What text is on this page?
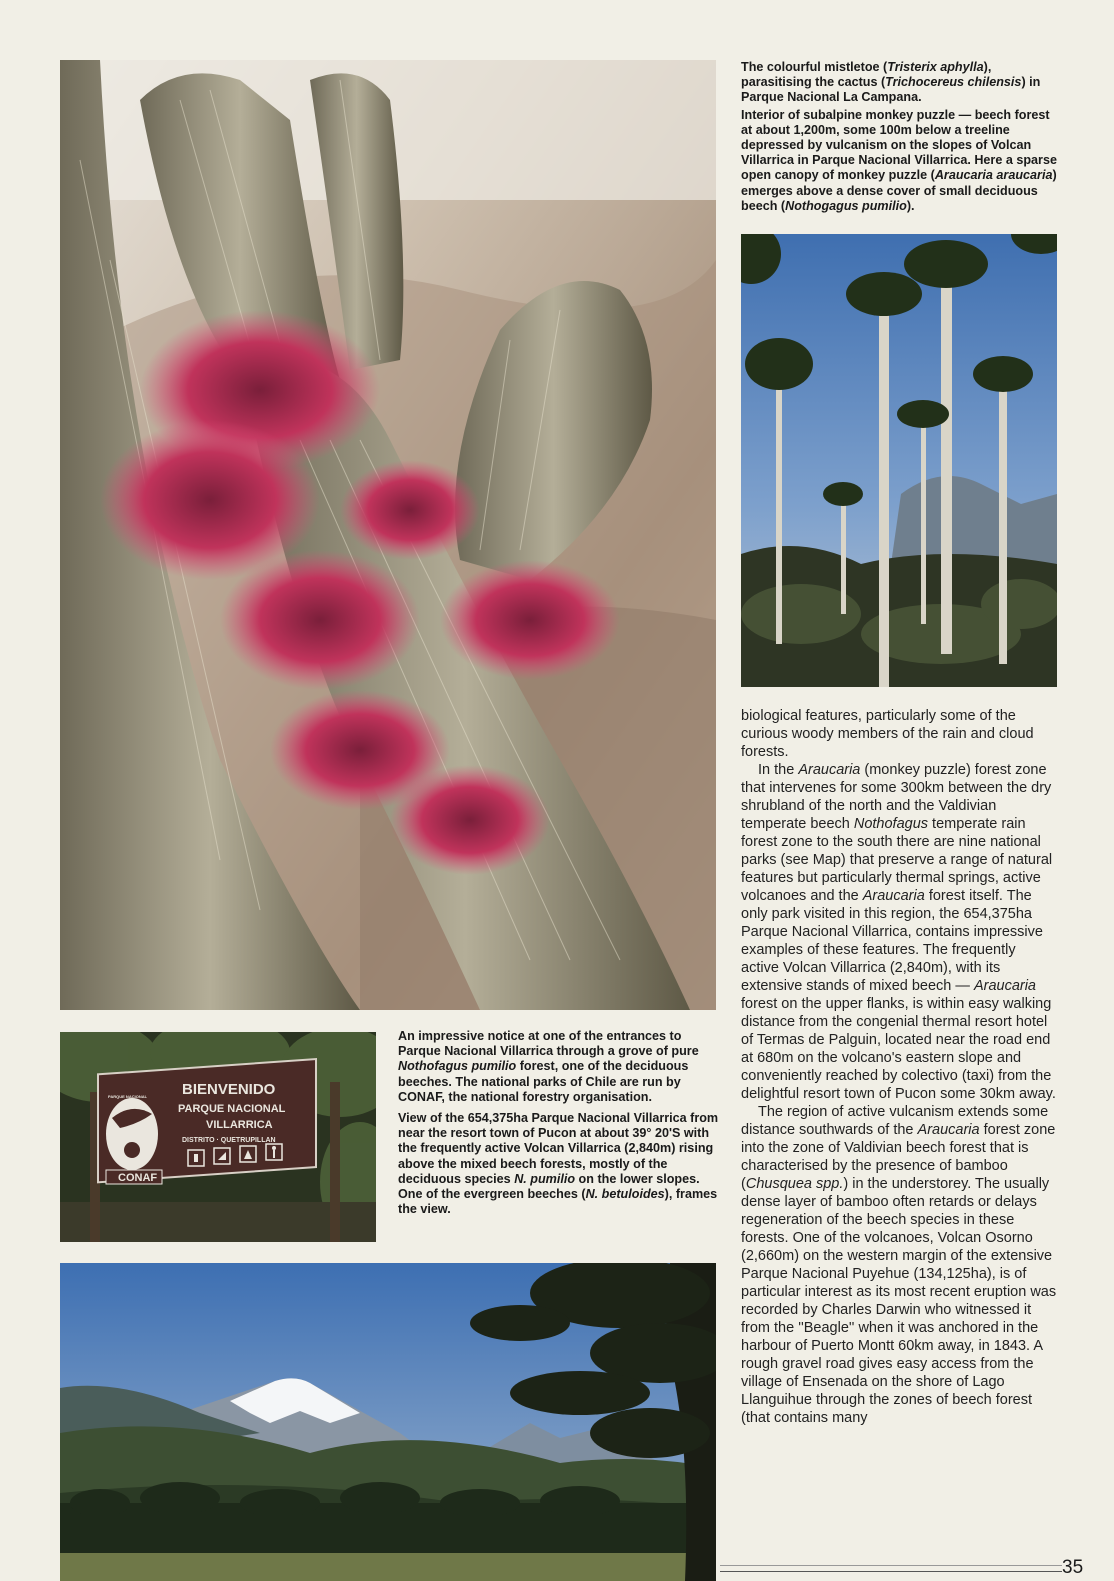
The colourful mistletoe (Tristerix aphylla), parasitising the cactus (Trichocereus chilensis) in Parque Nacional La Campana.

Interior of subalpine monkey puzzle — beech forest at about 1,200m, some 100m below a treeline depressed by vulcanism on the slopes of Volcan Villarrica in Parque Nacional Villarrica. Here a sparse open canopy of monkey puzzle (Araucaria araucaria) emerges above a dense cover of small deciduous beech (Nothogagus pumilio).

biological features, particularly some of the curious woody members of the rain and cloud forests.

In the Araucaria (monkey puzzle) forest zone that intervenes for some 300km between the dry shrubland of the north and the Valdivian temperate beech Nothofagus temperate rain forest zone to the south there are nine national parks (see Map) that preserve a range of natural features but particularly thermal springs, active volcanoes and the Araucaria forest itself. The only park visited in this region, the 654,375ha Parque Nacional Villarrica, contains impressive examples of these features. The frequently active Volcan Villarrica (2,840m), with its extensive stands of mixed beech — Araucaria forest on the upper flanks, is within easy walking distance from the congenial thermal resort hotel of Termas de Palguin, located near the road end at 680m on the volcano's eastern slope and conveniently reached by colectivo (taxi) from the delightful resort town of Pucon some 30km away.

The region of active vulcanism extends some distance southwards of the Araucaria forest zone into the zone of Valdivian beech forest that is characterised by the presence of bamboo (Chusquea spp.) in the understorey. The usually dense layer of bamboo often retards or delays regeneration of the beech species in these forests. One of the volcanoes, Volcan Osorno (2,660m) on the western margin of the extensive Parque Nacional Puyehue (134,125ha), is of particular interest as its most recent eruption was recorded by Charles Darwin who witnessed it from the ''Beagle'' when it was anchored in the harbour of Puerto Montt 60km away, in 1843. A rough gravel road gives easy access from the village of Ensenada on the shore of Lago Llanguihue through the zones of beech forest (that contains many

CONAF
PARQUE NACIONAL BIENVENIDO
PARQUE NACIONAL
VILLARRICA
DISTRITO · QUETRUPILLAN

An impressive notice at one of the entrances to Parque Nacional Villarrica through a grove of pure Nothofagus pumilio forest, one of the deciduous beeches. The national parks of Chile are run by CONAF, the national forestry organisation.

View of the 654,375ha Parque Nacional Villarrica from near the resort town of Pucon at about 39° 20'S with the frequently active Volcan Villarrica (2,840m) rising above the mixed beech forests, mostly of the deciduous species N. pumilio on the lower slopes. One of the evergreen beeches (N. betuloides), frames the view.

35
